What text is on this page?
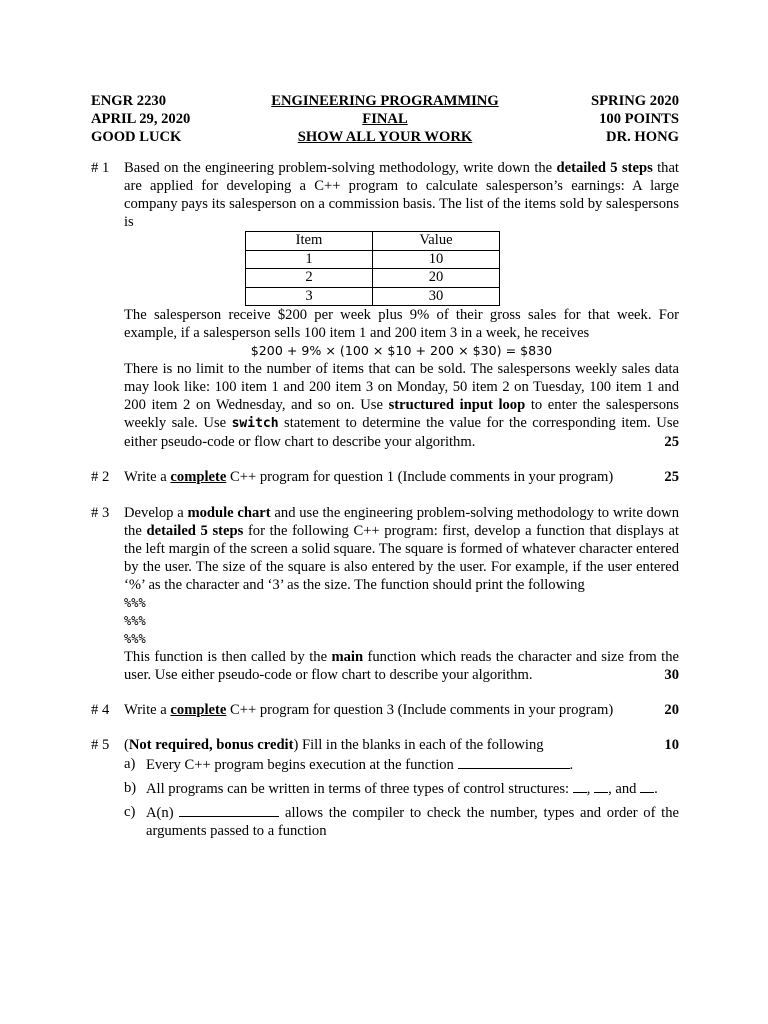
ENGR 2230	ENGINEERING PROGRAMMING	SPRING 2020
APRIL 29, 2020	FINAL	100 POINTS
GOOD LUCK	SHOW ALL YOUR WORK	DR. HONG
# 1	Based on the engineering problem-solving methodology, write down the detailed 5 steps that are applied for developing a C++ program to calculate salesperson’s earnings: A large company pays its salesperson on a commission basis. The list of the items sold by salespersons is
Item	Value
1	10
2	20
3	30
The salesperson receive $200 per week plus 9% of their gross sales for that week. For example, if a salesperson sells 100 item 1 and 200 item 3 in a week, he receives
$200 + 9% × (100 × $10 + 200 × $30) = $830
There is no limit to the number of items that can be sold. The salespersons weekly sales data may look like: 100 item 1 and 200 item 3 on Monday, 50 item 2 on Tuesday, 100 item 1 and 200 item 2 on Wednesday, and so on. Use structured input loop to enter the salespersons weekly sale. Use switch statement to determine the value for the corresponding item. Use either pseudo-code or flow chart to describe your algorithm.	25
# 2	Write a complete C++ program for question 1 (Include comments in your program)	25
# 3	Develop a module chart and use the engineering problem-solving methodology to write down the detailed 5 steps for the following C++ program: first, develop a function that displays at the left margin of the screen a solid square. The square is formed of whatever character entered by the user. The size of the square is also entered by the user. For example, if the user entered ‘%’ as the character and ‘3’ as the size. The function should print the following
%%%
%%%
%%%
This function is then called by the main function which reads the character and size from the user. Use either pseudo-code or flow chart to describe your algorithm.	30
# 4	Write a complete C++ program for question 3 (Include comments in your program)	20
# 5	(Not required, bonus credit) Fill in the blanks in each of the following	10
a) Every C++ program begins execution at the function	.
b) All programs can be written in terms of three types of control structures: , , and .
c) A(n)	allows the compiler to check the number, types and order of the arguments passed to a function
